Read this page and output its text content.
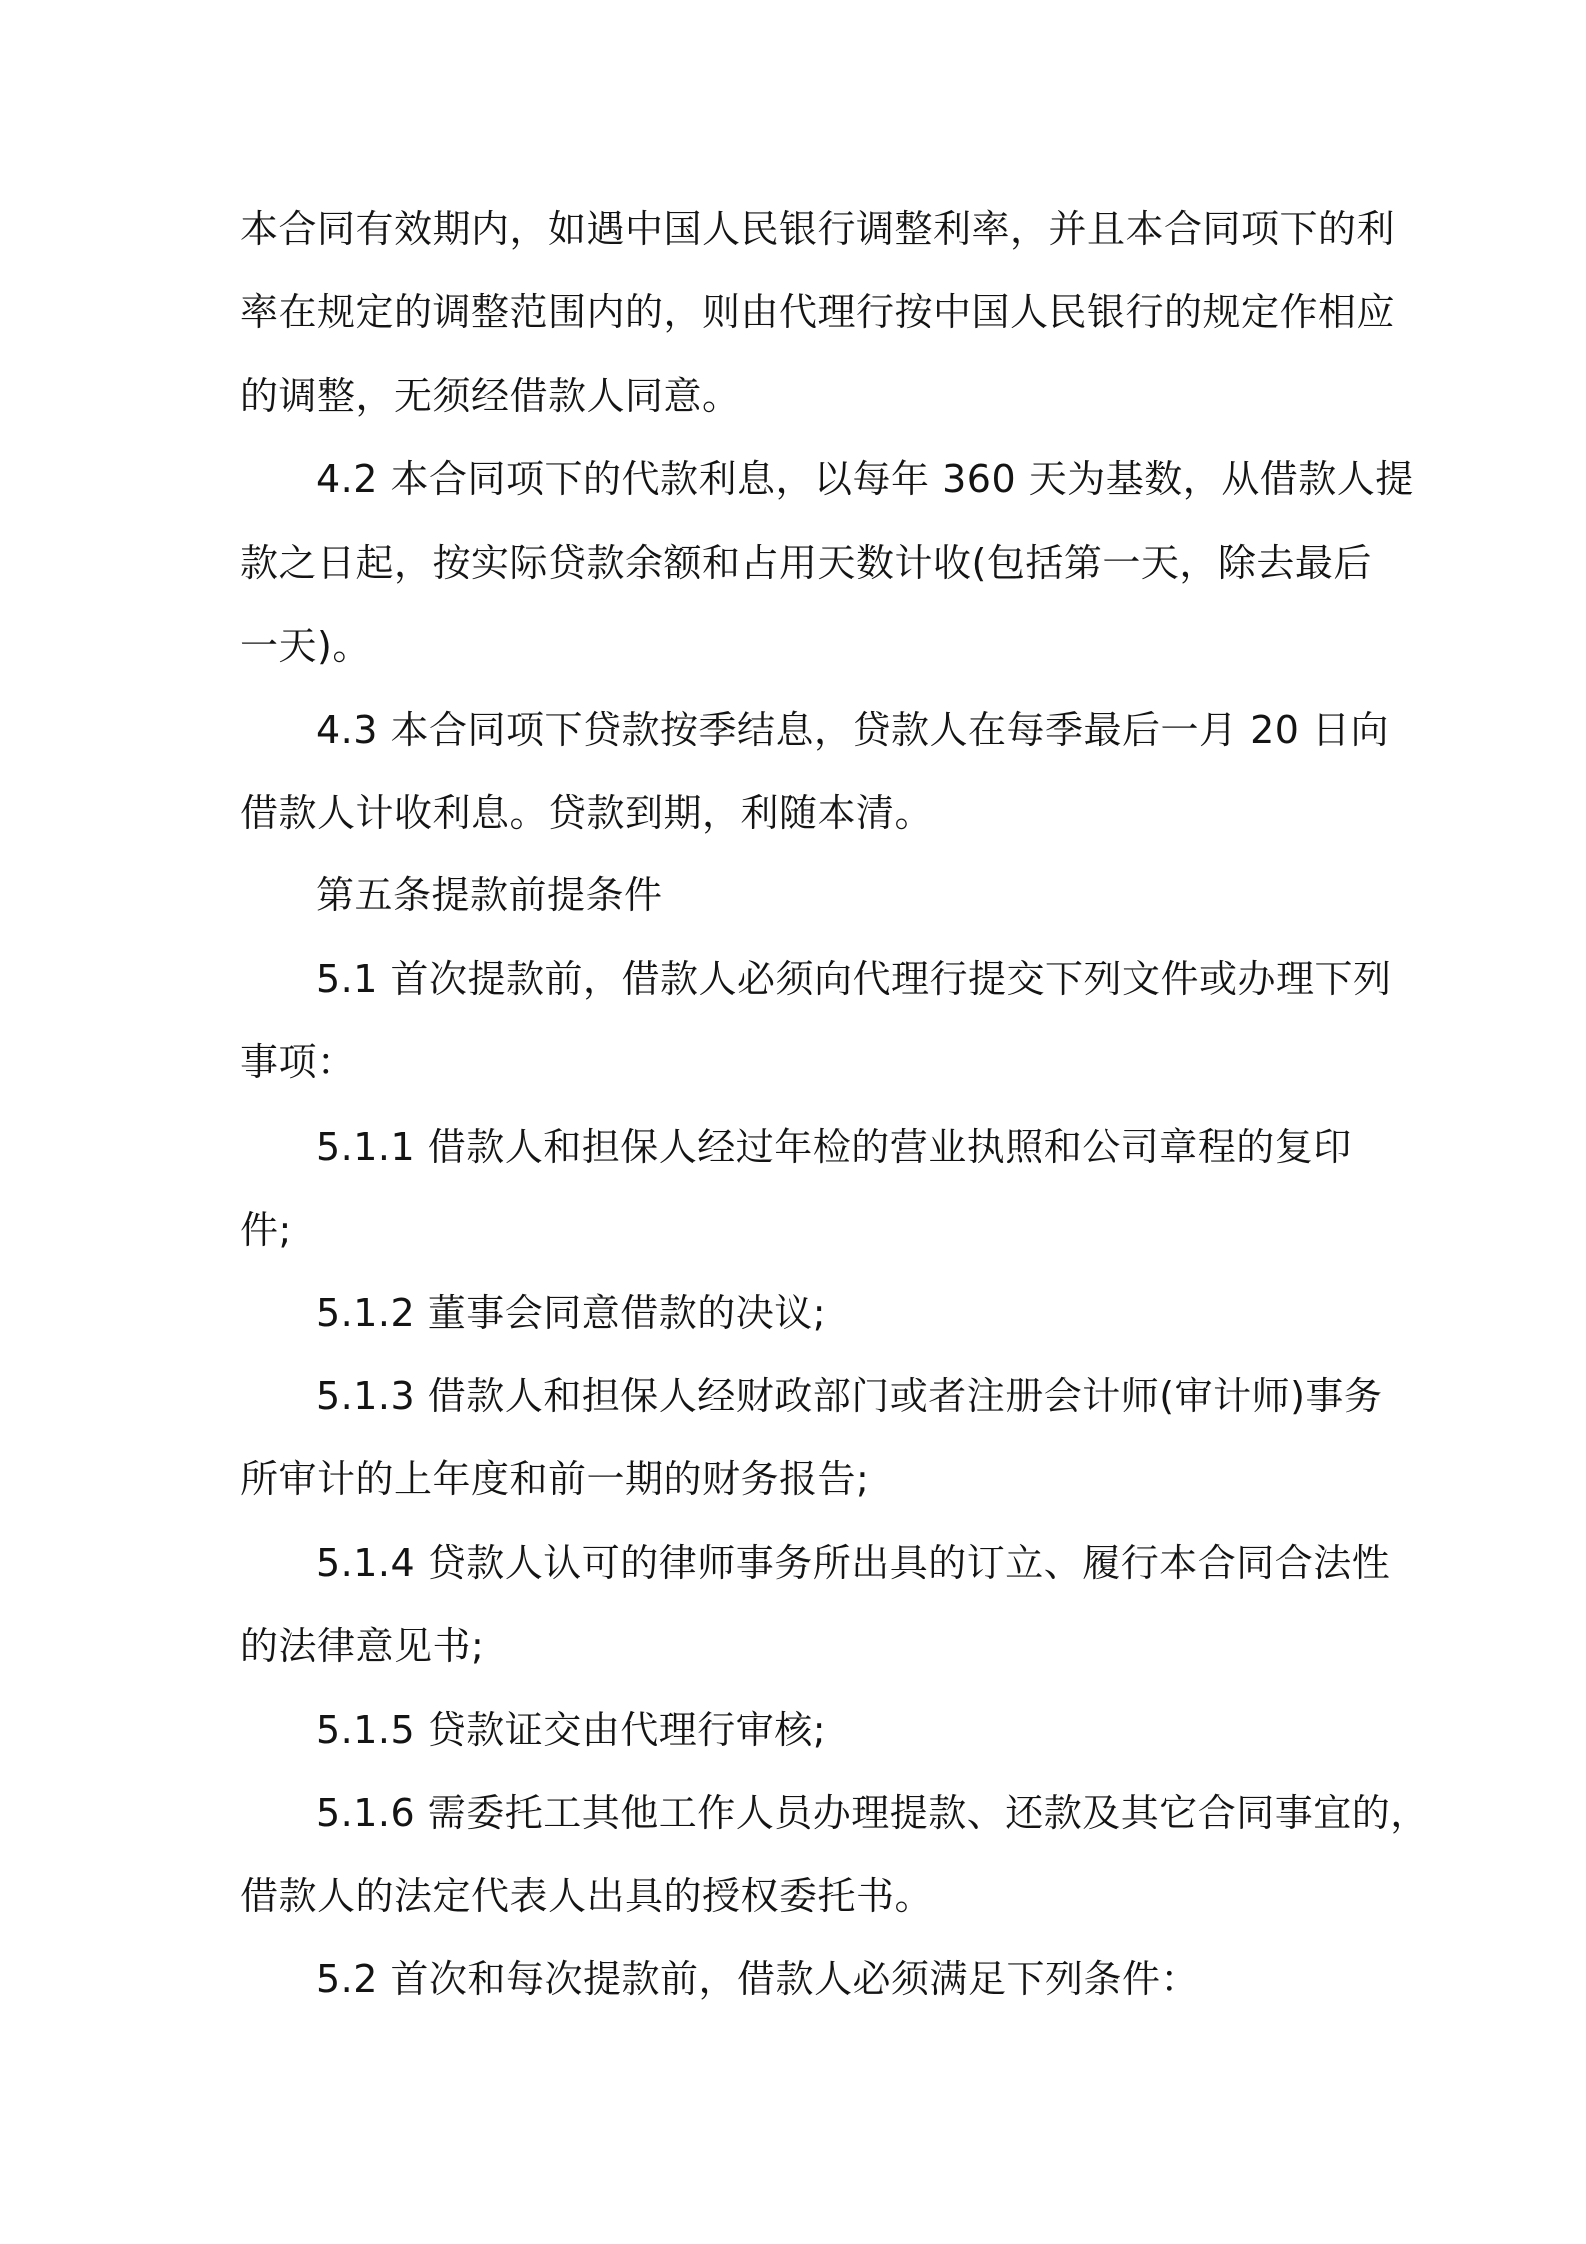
本合同有效期内，如遇中国人民银行调整利率，并且本合同项下的利
率在规定的调整范围内的，则由代理行按中国人民银行的规定作相应
的调整，无须经借款人同意。
4.2 本合同项下的代款利息，以每年 360 天为基数，从借款人提
款之日起，按实际贷款余额和占用天数计收(包括第一天，除去最后
一天)。
4.3 本合同项下贷款按季结息，贷款人在每季最后一月 20 日向
借款人计收利息。贷款到期，利随本清。
第五条提款前提条件
5.1 首次提款前，借款人必须向代理行提交下列文件或办理下列
事项：
5.1.1 借款人和担保人经过年检的营业执照和公司章程的复印
件;
5.1.2 董事会同意借款的决议;
5.1.3 借款人和担保人经财政部门或者注册会计师(审计师)事务
所审计的上年度和前一期的财务报告;
5.1.4 贷款人认可的律师事务所出具的订立、履行本合同合法性
的法律意见书;
5.1.5 贷款证交由代理行审核;
5.1.6 需委托工其他工作人员办理提款、还款及其它合同事宜的，
借款人的法定代表人出具的授权委托书。
5.2 首次和每次提款前，借款人必须满足下列条件：
